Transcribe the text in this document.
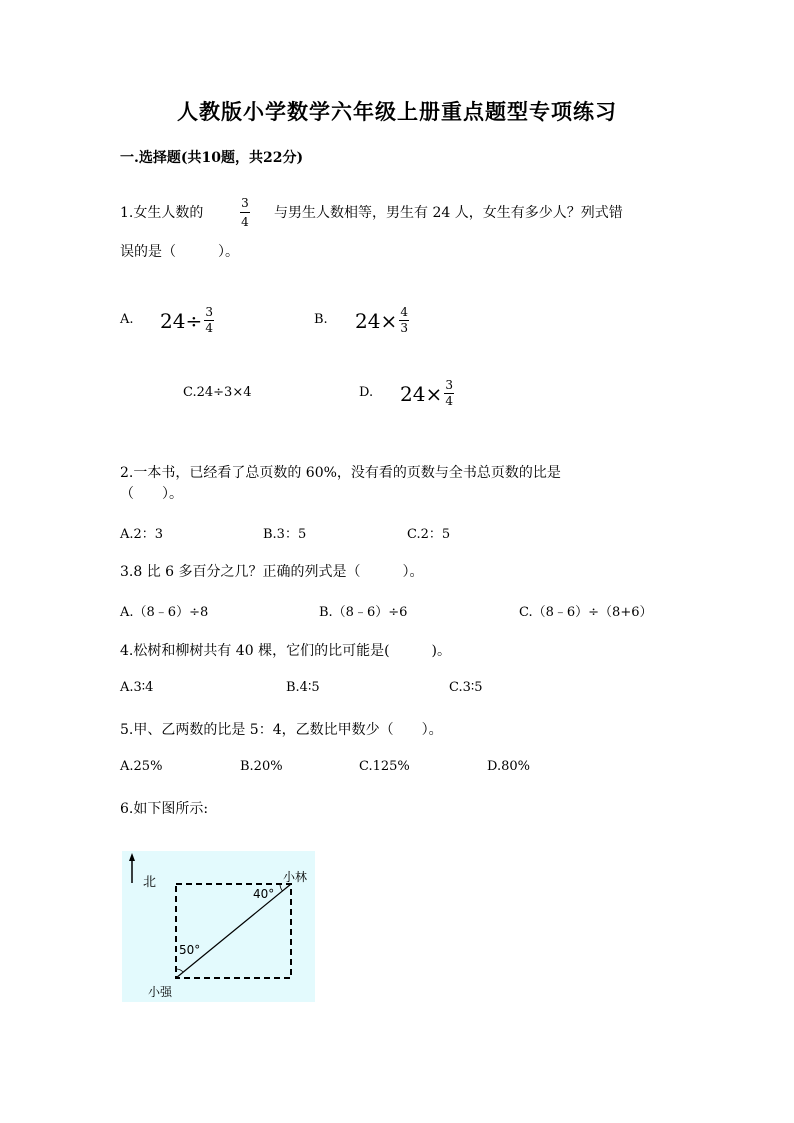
人教版小学数学六年级上册重点题型专项练习
一.选择题(共10题，共22分)
1.女生人数的
3
4
与男生人数相等，男生有 24 人，女生有多少人？列式错
误的是（　　　）。
A. $24 \div \frac{3}{4}$	B. $24 \times \frac{4}{3}$
C.24÷3×4	D. $24 \times \frac{3}{4}$
2.一本书，已经看了总页数的 60%，没有看的页数与全书总页数的比是
（　　）。
A.2：3	B.3：5	C.2：5
3.8 比 6 多百分之几？正确的列式是（　　　）。
A.（8﹣6）÷8	B.（8﹣6）÷6	C.（8﹣6）÷（8+6）
4.松树和柳树共有 40 棵，它们的比可能是(　　　)。
A.3∶4	B.4∶5	C.3∶5
5.甲、乙两数的比是 5：4，乙数比甲数少（　　）。
A.25%	B.20%	C.125%	D.80%
6.如下图所示:
北	小林
40°
50°
小强
